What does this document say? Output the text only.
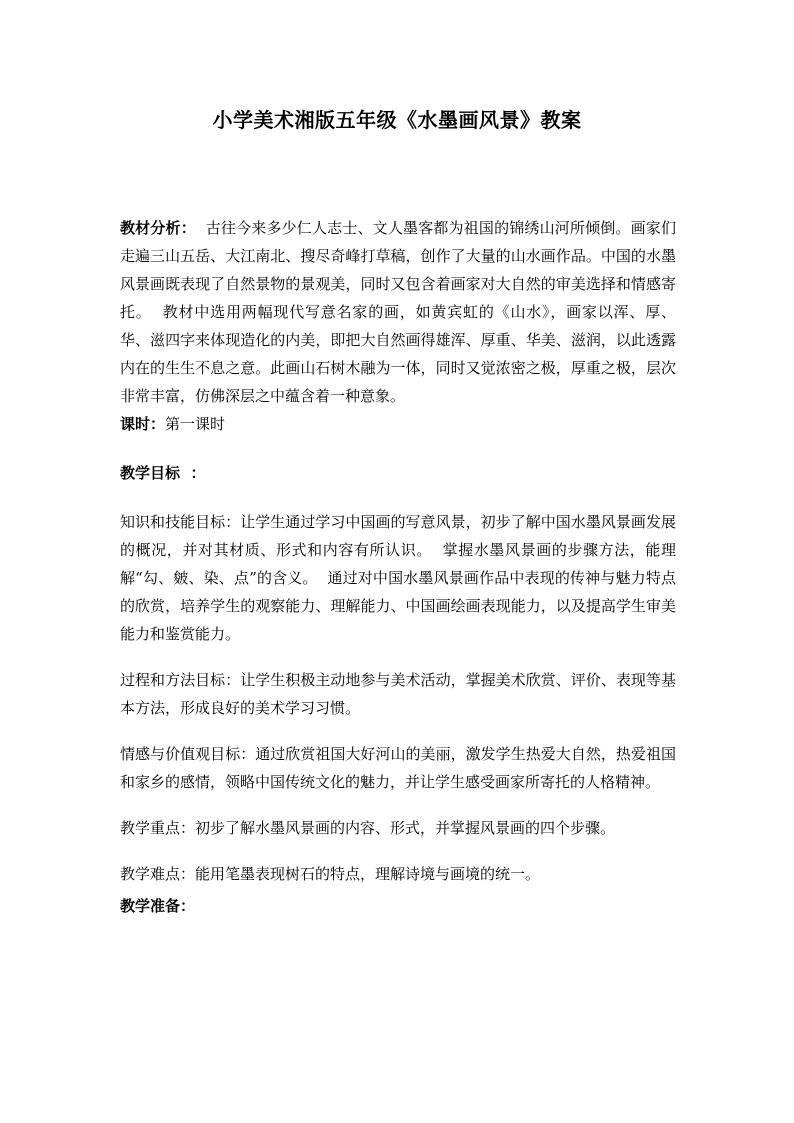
小学美术湘版五年级《水墨画风景》教案

教材分析：  古往今来多少仁人志士、文人墨客都为祖国的锦绣山河所倾倒。画家们走遍三山五岳、大江南北、搜尽奇峰打草稿，创作了大量的山水画作品。中国的水墨风景画既表现了自然景物的景观美，同时又包含着画家对大自然的审美选择和情感寄托。  教材中选用两幅现代写意名家的画，如黄宾虹的《山水》，画家以浑、厚、华、滋四字来体现造化的内美，即把大自然画得雄浑、厚重、华美、滋润，以此透露内在的生生不息之意。此画山石树木融为一体，同时又觉浓密之极，厚重之极，层次非常丰富，仿佛深层之中蕴含着一种意象。

课时：第一课时

教学目标  ：

知识和技能目标：让学生通过学习中国画的写意风景，初步了解中国水墨风景画发展的概况，并对其材质、形式和内容有所认识。  掌握水墨风景画的步骤方法，能理解“勾、皴、染、点”的含义。  通过对中国水墨风景画作品中表现的传神与魅力特点的欣赏，培养学生的观察能力、理解能力、中国画绘画表现能力，以及提高学生审美能力和鉴赏能力。

过程和方法目标：让学生积极主动地参与美术活动，掌握美术欣赏、评价、表现等基本方法，形成良好的美术学习习惯。

情感与价值观目标：通过欣赏祖国大好河山的美丽，激发学生热爱大自然，热爱祖国和家乡的感情，领略中国传统文化的魅力，并让学生感受画家所寄托的人格精神。

教学重点：初步了解水墨风景画的内容、形式，并掌握风景画的四个步骤。

教学难点：能用笔墨表现树石的特点，理解诗境与画境的统一。

教学准备：
